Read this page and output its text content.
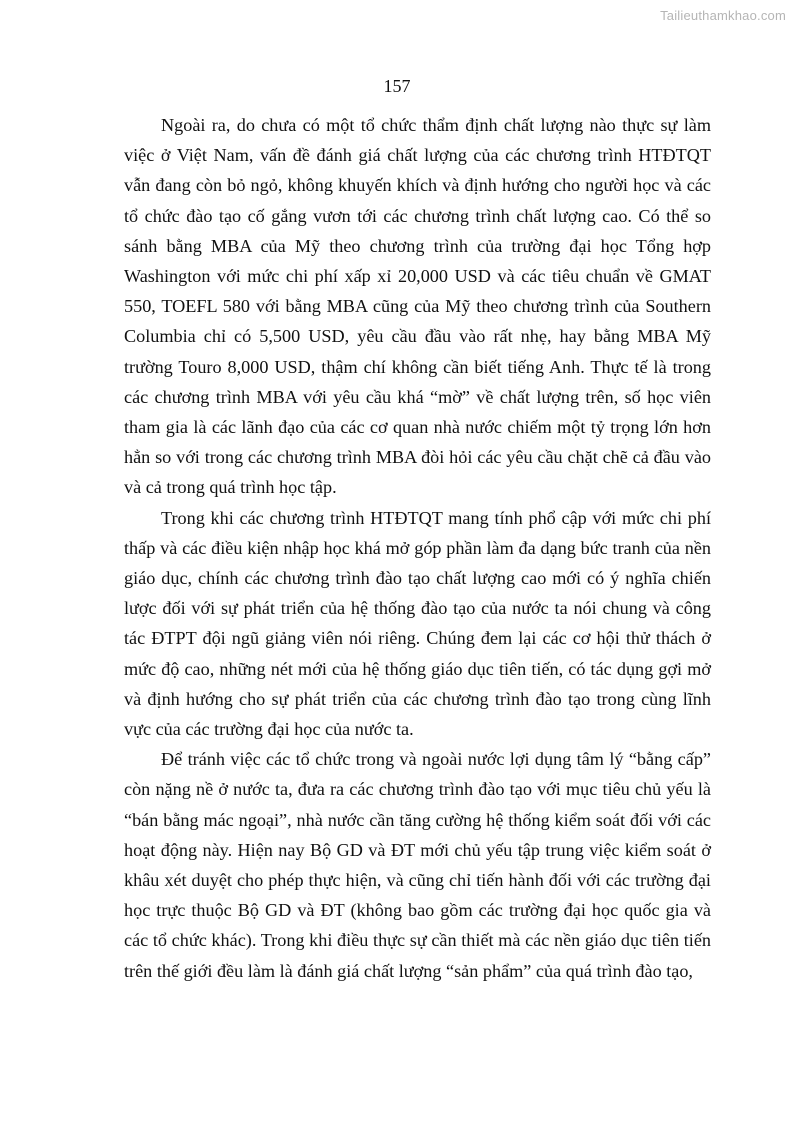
Tailieuthamkhao.com
157

Ngoài ra, do chưa có một tổ chức thẩm định chất lượng nào thực sự làm việc ở Việt Nam, vấn đề đánh giá chất lượng của các chương trình HTĐTQT vẫn đang còn bỏ ngỏ, không khuyến khích và định hướng cho người học và các tổ chức đào tạo cố gắng vươn tới các chương trình chất lượng cao. Có thể so sánh bằng MBA của Mỹ theo chương trình của trường đại học Tổng hợp Washington với mức chi phí xấp xỉ 20,000 USD và các tiêu chuẩn về GMAT 550, TOEFL 580 với bằng MBA cũng của Mỹ theo chương trình của Southern Columbia chỉ có 5,500 USD, yêu cầu đầu vào rất nhẹ, hay bằng MBA Mỹ trường Touro 8,000 USD, thậm chí không cần biết tiếng Anh. Thực tế là trong các chương trình MBA với yêu cầu khá “mờ” về chất lượng trên, số học viên tham gia là các lãnh đạo của các cơ quan nhà nước chiếm một tỷ trọng lớn hơn hẳn so với trong các chương trình MBA đòi hỏi các yêu cầu chặt chẽ cả đầu vào và cả trong quá trình học tập.

Trong khi các chương trình HTĐTQT mang tính phổ cập với mức chi phí thấp và các điều kiện nhập học khá mở góp phần làm đa dạng bức tranh của nền giáo dục, chính các chương trình đào tạo chất lượng cao mới có ý nghĩa chiến lược đối với sự phát triển của hệ thống đào tạo của nước ta nói chung và công tác ĐTPT đội ngũ giảng viên nói riêng. Chúng đem lại các cơ hội thử thách ở mức độ cao, những nét mới của hệ thống giáo dục tiên tiến, có tác dụng gợi mở và định hướng cho sự phát triển của các chương trình đào tạo trong cùng lĩnh vực của các trường đại học của nước ta.

Để tránh việc các tổ chức trong và ngoài nước lợi dụng tâm lý “bằng cấp” còn nặng nề ở nước ta, đưa ra các chương trình đào tạo với mục tiêu chủ yếu là “bán bằng mác ngoại”, nhà nước cần tăng cường hệ thống kiểm soát đối với các hoạt động này. Hiện nay Bộ GD và ĐT mới chủ yếu tập trung việc kiểm soát ở khâu xét duyệt cho phép thực hiện, và cũng chỉ tiến hành đối với các trường đại học trực thuộc Bộ GD và ĐT (không bao gồm các trường đại học quốc gia và các tổ chức khác). Trong khi điều thực sự cần thiết mà các nền giáo dục tiên tiến trên thế giới đều làm là đánh giá chất lượng “sản phẩm” của quá trình đào tạo,
